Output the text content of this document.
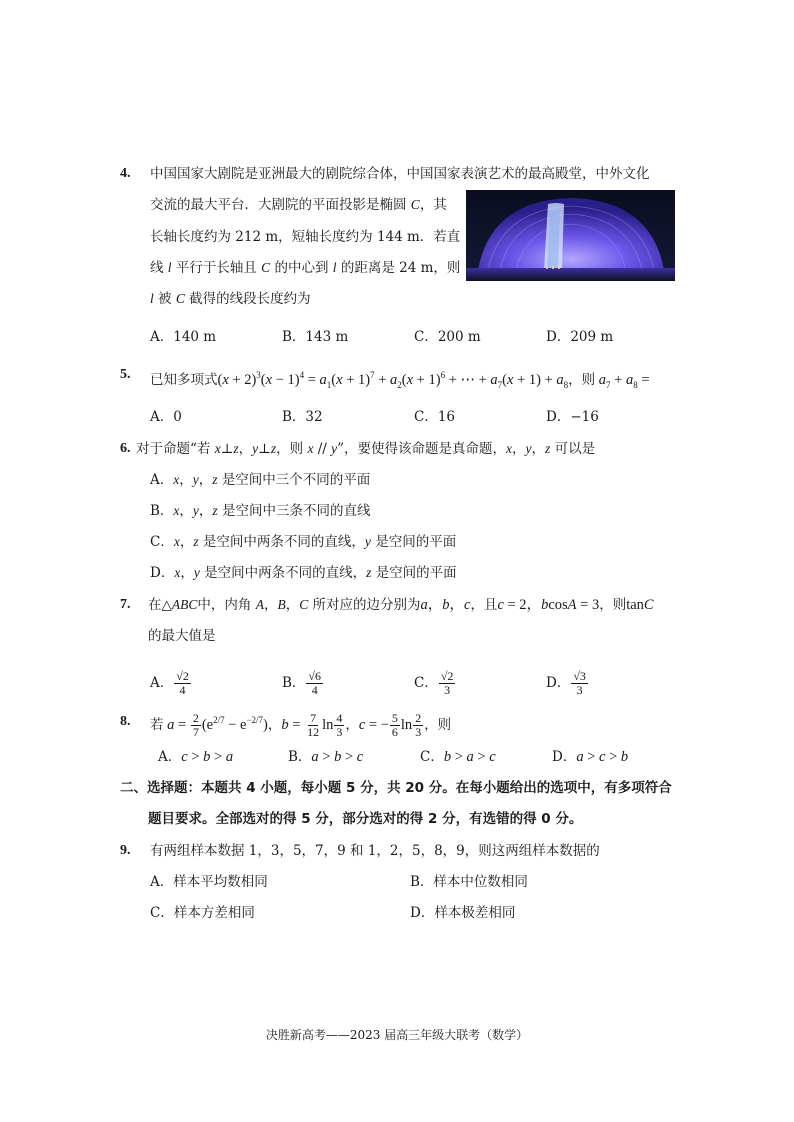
4. 中国国家大剧院是亚洲最大的剧院综合体，中国国家表演艺术的最高殿堂，中外文化
交流的最大平台．大剧院的平面投影是椭圆 C，其
长轴长度约为 212 m，短轴长度约为 144 m．若直
线 l 平行于长轴且 C 的中心到 l 的距离是 24 m，则
l 被 C 截得的线段长度约为
A．140 m	B．143 m	C．200 m	D．209 m
5. 已知多项式$(x + 2)^3(x - 1)^4 = a_1(x + 1)^7 + a_2(x + 1)^6$ + ⋯ + $a_7(x + 1) + a_8$，则 $a_7 + a_8$ =
A．0	B．32	C．16	D．−16
6. 对于命题“若 x⊥z，y⊥z，则 x // y”，要使得该命题是真命题，x，y，z 可以是
A．x，y，z 是空间中三个不同的平面
B．x，y，z 是空间中三条不同的直线
C．x，z 是空间中两条不同的直线，y 是空间的平面
D．x，y 是空间中两条不同的直线，z 是空间的平面
7. 在△ABC中，内角 A，B，C 所对应的边分别为a，b，c，且c = 2，bcosA = 3，则tanC
的最大值是
A． $\frac{√2}{4}$	B． $\frac{√6}{4}$	C． $\frac{√2}{3}$	D． $\frac{√3}{3}$
8. 若 $a = \frac{2}{7} (e^{2/7} - e^{-2/7})$，$b = \frac{7}{12}$ $\ln \frac{4}{3}$ ，c = − $\frac{5}{6}$ $\ln \frac{2}{3}$ ，则
A．c > b > a	B．a > b > c	C．b > a > c	D．a > c > b
二、选择题：本题共 4 小题，每小题 5 分，共 20 分。在每小题给出的选项中，有多项符合
题目要求。全部选对的得 5 分，部分选对的得 2 分，有选错的得 0 分。
9. 有两组样本数据 1，3，5，7，9 和 1，2，5，8，9，则这两组样本数据的
A．样本平均数相同	B．样本中位数相同
C．样本方差相同	D．样本极差相同
决胜新高考——2023 届高三年级大联考（数学）
